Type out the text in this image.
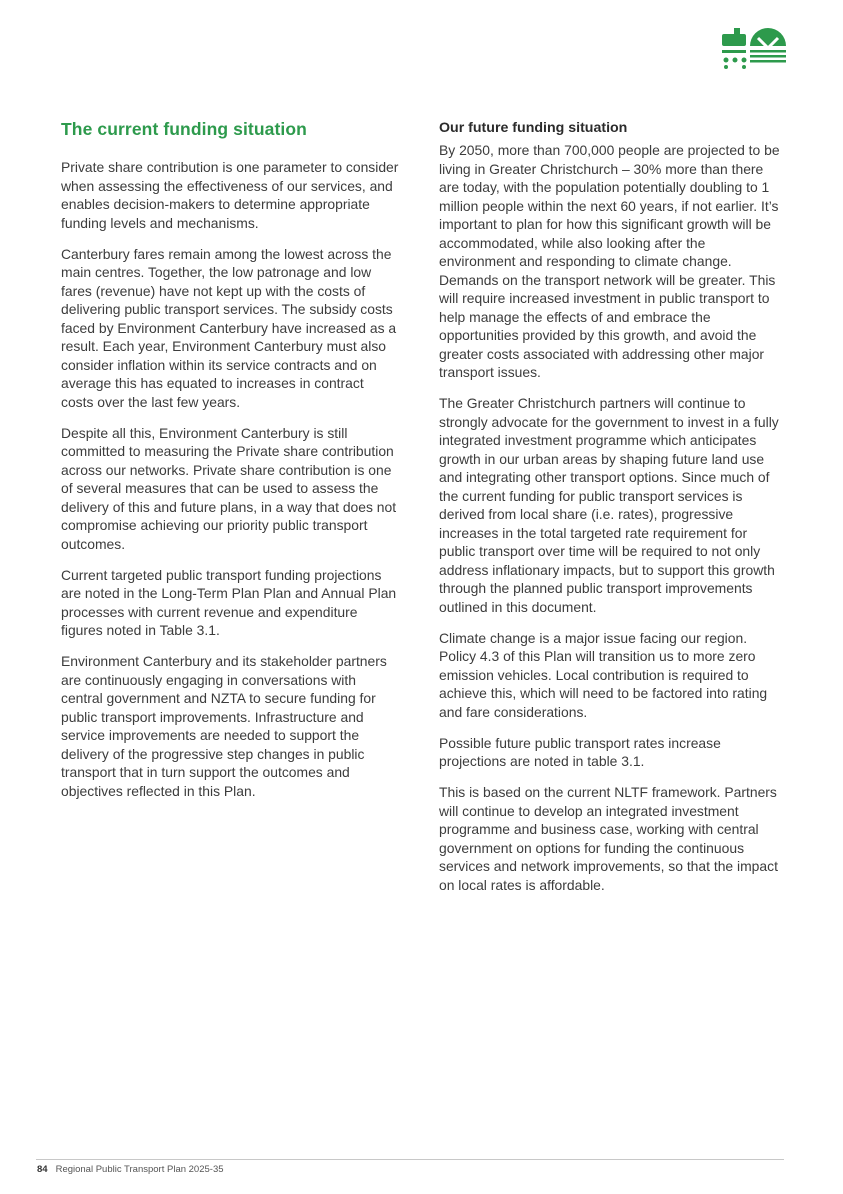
The current funding situation

Private share contribution is one parameter to consider when assessing the effectiveness of our services, and enables decision-makers to determine appropriate funding levels and mechanisms.

Canterbury fares remain among the lowest across the main centres. Together, the low patronage and low fares (revenue) have not kept up with the costs of delivering public transport services. The subsidy costs faced by Environment Canterbury have increased as a result. Each year, Environment Canterbury must also consider inflation within its service contracts and on average this has equated to increases in contract costs over the last few years.

Despite all this, Environment Canterbury is still committed to measuring the Private share contribution across our networks. Private share contribution is one of several measures that can be used to assess the delivery of this and future plans, in a way that does not compromise achieving our priority public transport outcomes.

Current targeted public transport funding projections are noted in the Long-Term Plan Plan and Annual Plan processes with current revenue and expenditure figures noted in Table 3.1.

Environment Canterbury and its stakeholder partners are continuously engaging in conversations with central government and NZTA to secure funding for public transport improvements. Infrastructure and service improvements are needed to support the delivery of the progressive step changes in public transport that in turn support the outcomes and objectives reflected in this Plan.

Our future funding situation

By 2050, more than 700,000 people are projected to be living in Greater Christchurch – 30% more than there are today, with the population potentially doubling to 1 million people within the next 60 years, if not earlier. It’s important to plan for how this significant growth will be accommodated, while also looking after the environment and responding to climate change. Demands on the transport network will be greater. This will require increased investment in public transport to help manage the effects of and embrace the opportunities provided by this growth, and avoid the greater costs associated with addressing other major transport issues.

The Greater Christchurch partners will continue to strongly advocate for the government to invest in a fully integrated investment programme which anticipates growth in our urban areas by shaping future land use and integrating other transport options. Since much of the current funding for public transport services is derived from local share (i.e. rates), progressive increases in the total targeted rate requirement for public transport over time will be required to not only address inflationary impacts, but to support this growth through the planned public transport improvements outlined in this document.

Climate change is a major issue facing our region. Policy 4.3 of this Plan will transition us to more zero emission vehicles. Local contribution is required to achieve this, which will need to be factored into rating and fare considerations.

Possible future public transport rates increase projections are noted in table 3.1.

This is based on the current NLTF framework. Partners will continue to develop an integrated investment programme and business case, working with central government on options for funding the continuous services and network improvements, so that the impact on local rates is affordable.

84 Regional Public Transport Plan 2025-35
